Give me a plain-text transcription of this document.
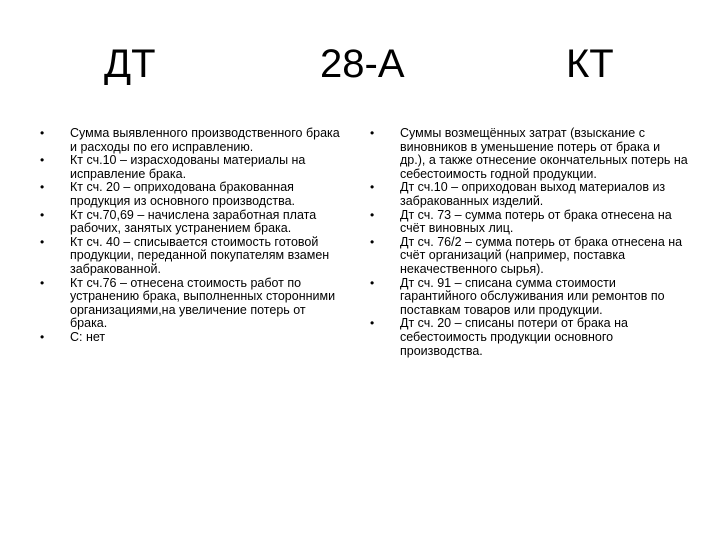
ДТ	28-А	КТ
• Сумма выявленного производственного брака и расходы по его исправлению.
• Кт сч.10 – израсходованы материалы на исправление брака.
• Кт сч. 20 – оприходована бракованная продукция из основного производства.
• Кт сч.70,69 – начислена заработная плата рабочих, занятых устранением брака.
• Кт сч. 40 – списывается стоимость готовой продукции, переданной покупателям взамен забракованной.
• Кт сч.76 – отнесена стоимость работ по устранению брака, выполненных сторонними организациями,на увеличение потерь от брака.
• С: нет
• Суммы возмещённых затрат (взыскание с виновников в уменьшение потерь от брака и др.), а также отнесение окончательных потерь на себестоимость годной продукции.
• Дт сч.10 – оприходован выход материалов из забракованных изделий.
• Дт сч. 73 – сумма потерь от брака отнесена на счёт виновных лиц.
• Дт сч. 76/2 – сумма потерь от брака отнесена на счёт организаций (например, поставка некачественного сырья).
• Дт сч. 91 – списана сумма стоимости гарантийного обслуживания или ремонтов по поставкам товаров или продукции.
• Дт сч. 20 – списаны потери от брака на себестоимость продукции основного производства.
